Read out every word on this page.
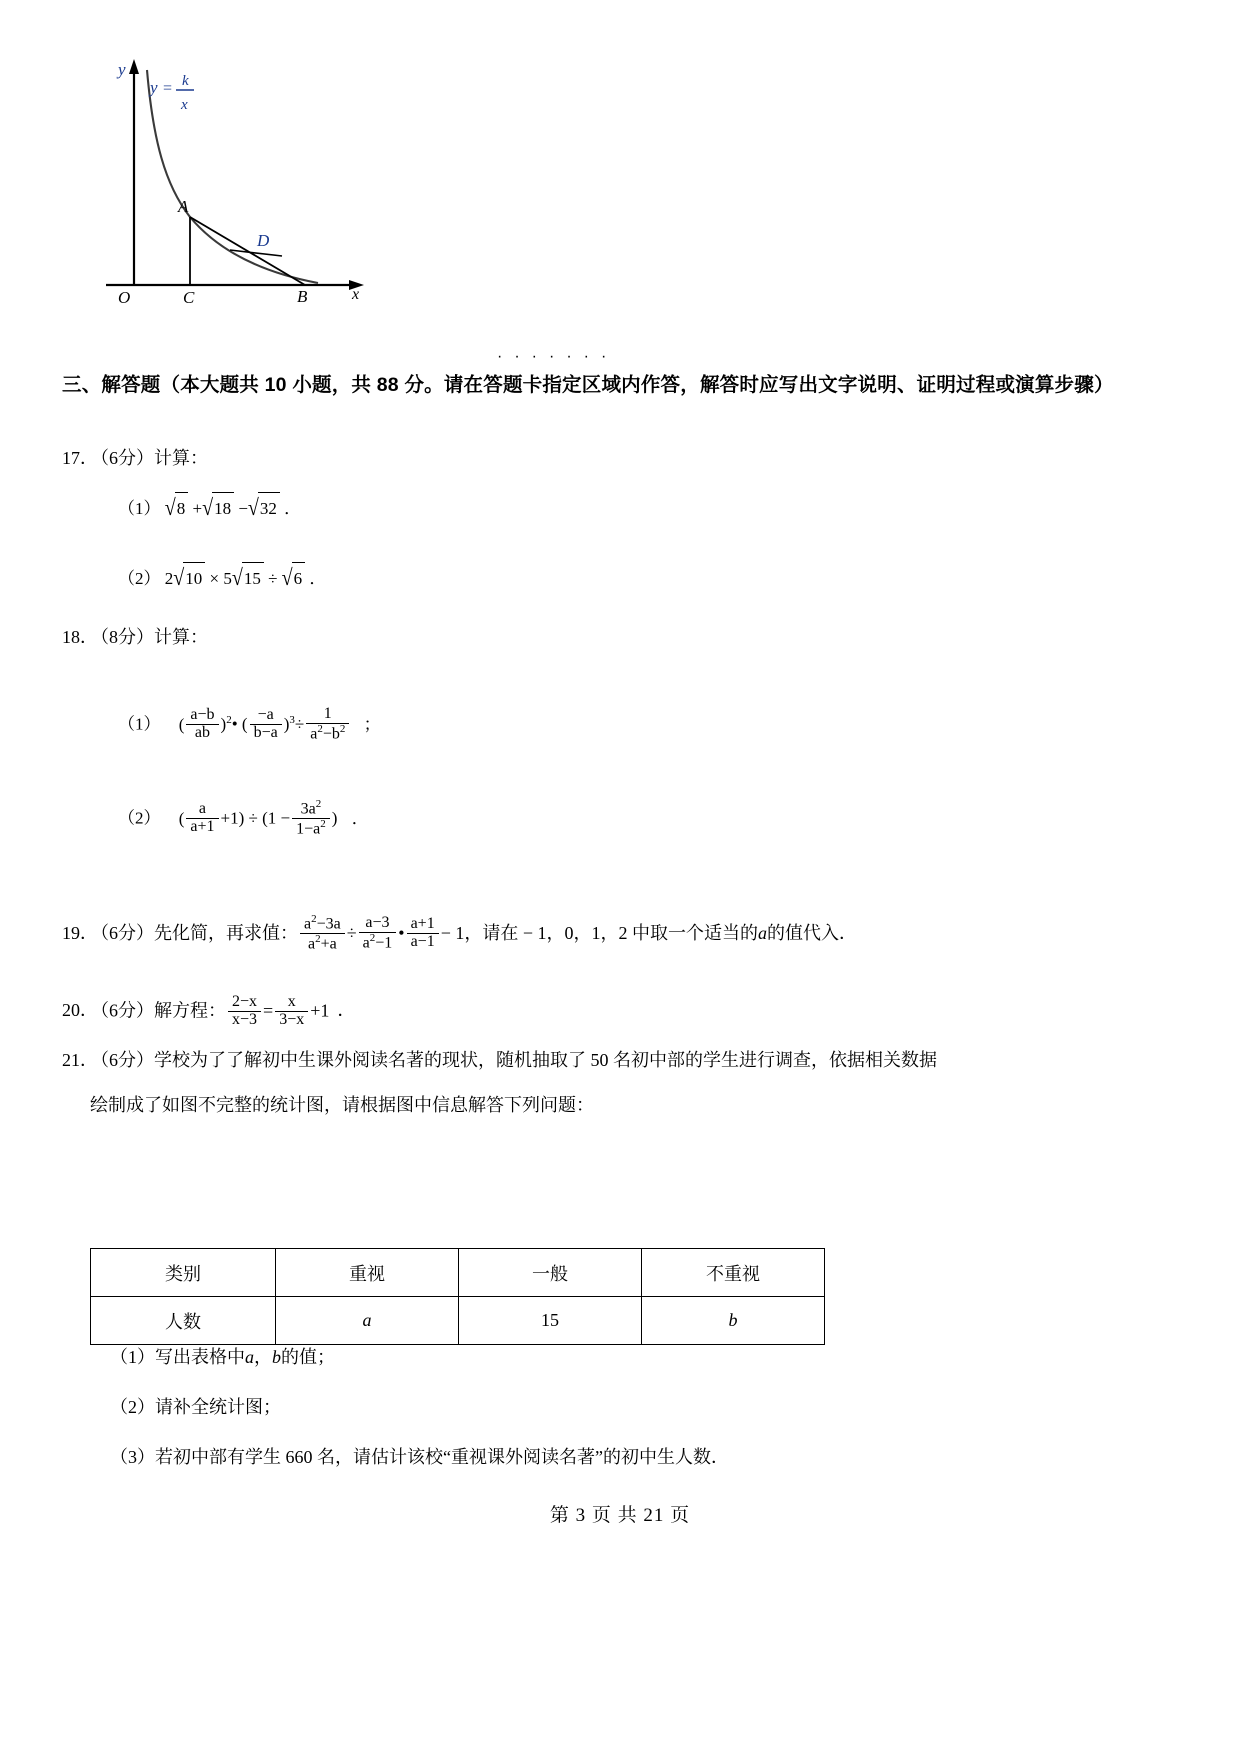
y
x
A
B
C
D
O
y = k
x
·······
三、解答题（本大题共 10 小题，共 88 分。请在答题卡指定区域内作答，解答时应写出文字说明、证明过程或演算步骤）
17． （6分）计算：
（1） √8 +√18 −√32 ．
（2） 2√10 × 5√15 ÷ √6 ．
18． （8分）计算：
（1） ( $\frac{a-b}{ab}$ )$^2$• ( $\frac{-a}{b-a} )^3\div \frac{1}{a^2-b^2}$ ；
（2） ( $\frac{a}{a+1} +1) \div (1 - \frac{3a^2}{1-a^2}$ ) ．
19． （6分）先化简，再求值： $\frac{a^2-3a}{a^2+a} \div \frac{a-3}{a^2-1}$ • $\frac{a+1}{a-1} - 1$，请在 − 1，0，1，2 中取一个适当的a的值代入．
20． （6分）解方程： $\frac{2-x}{x-3} = \frac{x}{3-x} +1$ ．
21． （6分）学校为了了解初中生课外阅读名著的现状，随机抽取了 50 名初中部的学生进行调查，依据相关数据
绘制成了如图不完整的统计图，请根据图中信息解答下列问题：
类别	重视	一般	不重视
人数	a	15	b
（1）写出表格中a，b的值；
（2）请补全统计图；
（3）若初中部有学生 660 名，请估计该校“重视课外阅读名著”的初中生人数．
第 3 页 共 21 页
